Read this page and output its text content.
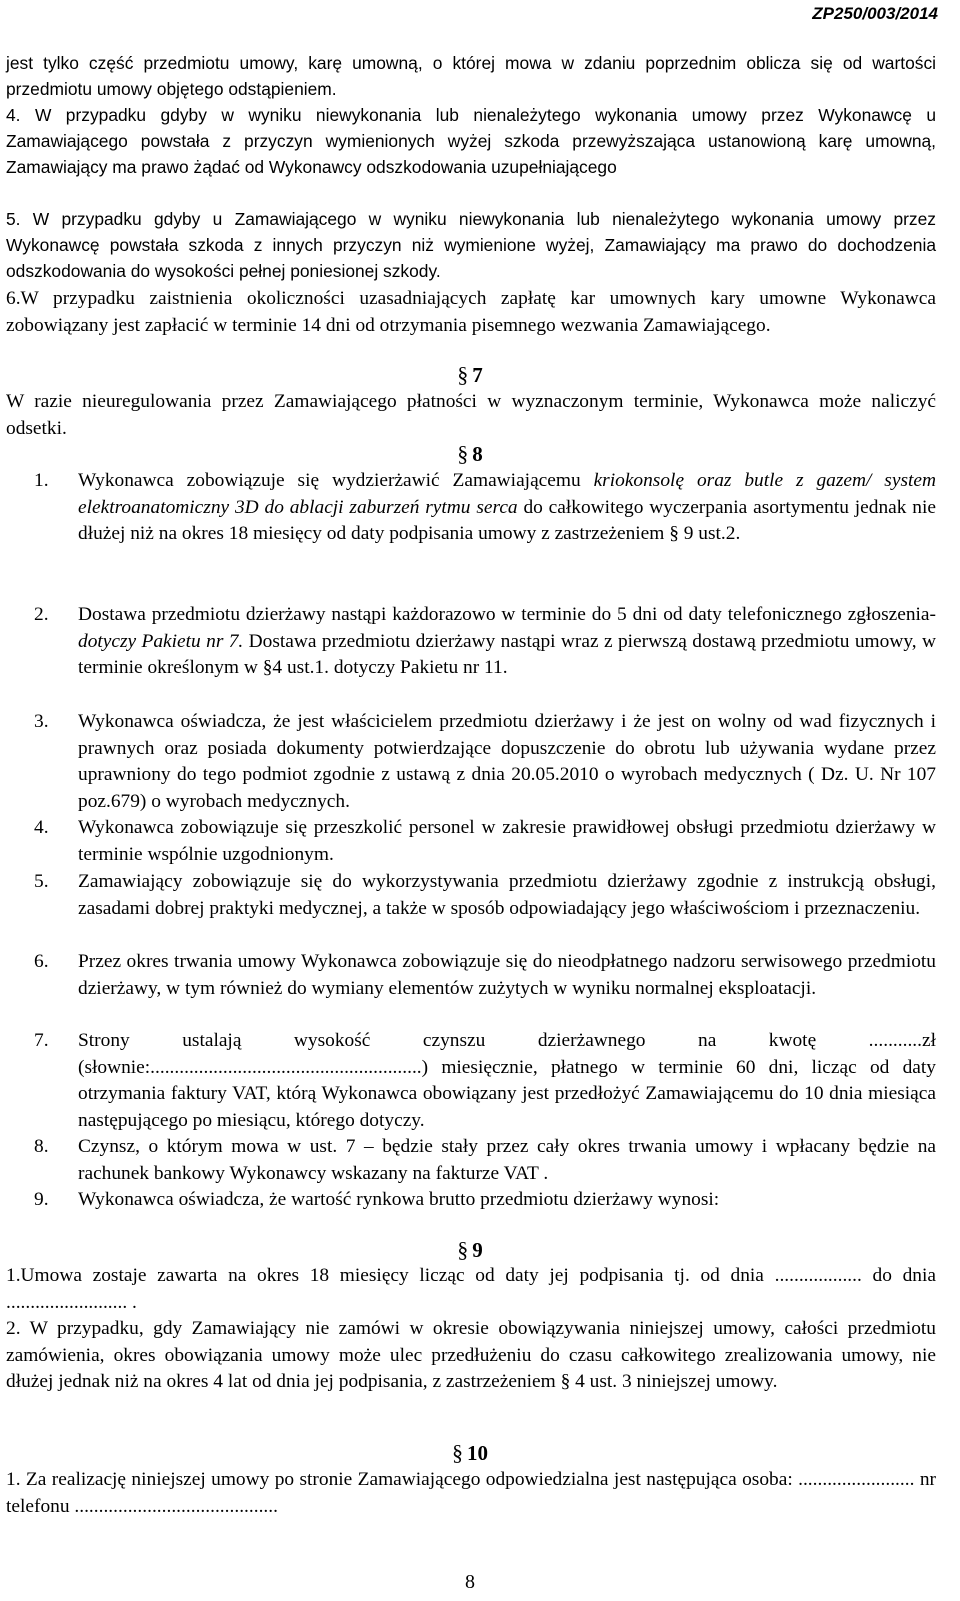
ZP250/003/2014

jest tylko część przedmiotu umowy, karę umowną, o której mowa w zdaniu poprzednim oblicza się od wartości przedmiotu umowy objętego odstąpieniem.

4. W przypadku gdyby w wyniku niewykonania lub nienależytego wykonania umowy przez Wykonawcę u Zamawiającego powstała z przyczyn wymienionych wyżej szkoda przewyższająca ustanowioną karę umowną, Zamawiający ma prawo żądać od Wykonawcy odszkodowania uzupełniającego

5. W przypadku gdyby u Zamawiającego w wyniku niewykonania lub nienależytego wykonania umowy przez Wykonawcę powstała szkoda z innych przyczyn niż wymienione wyżej, Zamawiający ma prawo do dochodzenia odszkodowania do wysokości pełnej poniesionej szkody.

6.W przypadku zaistnienia okoliczności uzasadniających zapłatę kar umownych kary umowne Wykonawca zobowiązany jest zapłacić w terminie 14 dni od otrzymania pisemnego wezwania Zamawiającego.

§ 7

W razie nieuregulowania przez Zamawiającego płatności w wyznaczonym terminie, Wykonawca może naliczyć odsetki.

§ 8

1. Wykonawca zobowiązuje się wydzierżawić Zamawiającemu kriokonsolę oraz butle z gazem/ system elektroanatomiczny 3D do ablacji zaburzeń rytmu serca do całkowitego wyczerpania asortymentu jednak nie dłużej niż na okres 18 miesięcy od daty podpisania umowy z zastrzeżeniem § 9 ust.2.
2. Dostawa przedmiotu dzierżawy nastąpi każdorazowo w terminie do 5 dni od daty telefonicznego zgłoszenia- dotyczy Pakietu nr 7. Dostawa przedmiotu dzierżawy nastąpi wraz z pierwszą dostawą przedmiotu umowy, w terminie określonym w §4 ust.1. dotyczy Pakietu nr 11.
3. Wykonawca oświadcza, że jest właścicielem przedmiotu dzierżawy i że jest on wolny od wad fizycznych i prawnych oraz posiada dokumenty potwierdzające dopuszczenie do obrotu lub używania wydane przez uprawniony do tego podmiot zgodnie z ustawą z dnia 20.05.2010 o wyrobach medycznych ( Dz. U. Nr 107 poz.679) o wyrobach medycznych.
4. Wykonawca zobowiązuje się przeszkolić personel w zakresie prawidłowej obsługi przedmiotu dzierżawy w terminie wspólnie uzgodnionym.
5. Zamawiający zobowiązuje się do wykorzystywania przedmiotu dzierżawy zgodnie z instrukcją obsługi, zasadami dobrej praktyki medycznej, a także w sposób odpowiadający jego właściwościom i przeznaczeniu.
6. Przez okres trwania umowy Wykonawca zobowiązuje się do nieodpłatnego nadzoru serwisowego przedmiotu dzierżawy, w tym również do wymiany elementów zużytych w wyniku normalnej eksploatacji.
7. Strony ustalają wysokość czynszu dzierżawnego na kwotę ...........zł (słownie:........................................................) miesięcznie, płatnego w terminie 60 dni, licząc od daty otrzymania faktury VAT, którą Wykonawca obowiązany jest przedłożyć Zamawiającemu do 10 dnia miesiąca następującego po miesiącu, którego dotyczy.
8. Czynsz, o którym mowa w ust. 7 – będzie stały przez cały okres trwania umowy i wpłacany będzie na rachunek bankowy Wykonawcy wskazany na fakturze VAT .
9. Wykonawca oświadcza, że wartość rynkowa brutto przedmiotu dzierżawy wynosi:

§ 9

1.Umowa zostaje zawarta na okres 18 miesięcy licząc od daty jej podpisania tj. od dnia .................. do dnia ......................... .

2. W przypadku, gdy Zamawiający nie zamówi w okresie obowiązywania niniejszej umowy, całości przedmiotu zamówienia, okres obowiązania umowy może ulec przedłużeniu do czasu całkowitego zrealizowania umowy, nie dłużej jednak niż na okres 4 lat od dnia jej podpisania, z zastrzeżeniem § 4 ust. 3 niniejszej umowy.

§ 10

1. Za realizację niniejszej umowy po stronie Zamawiającego odpowiedzialna jest następująca osoba: ........................ nr telefonu ..........................................

8
